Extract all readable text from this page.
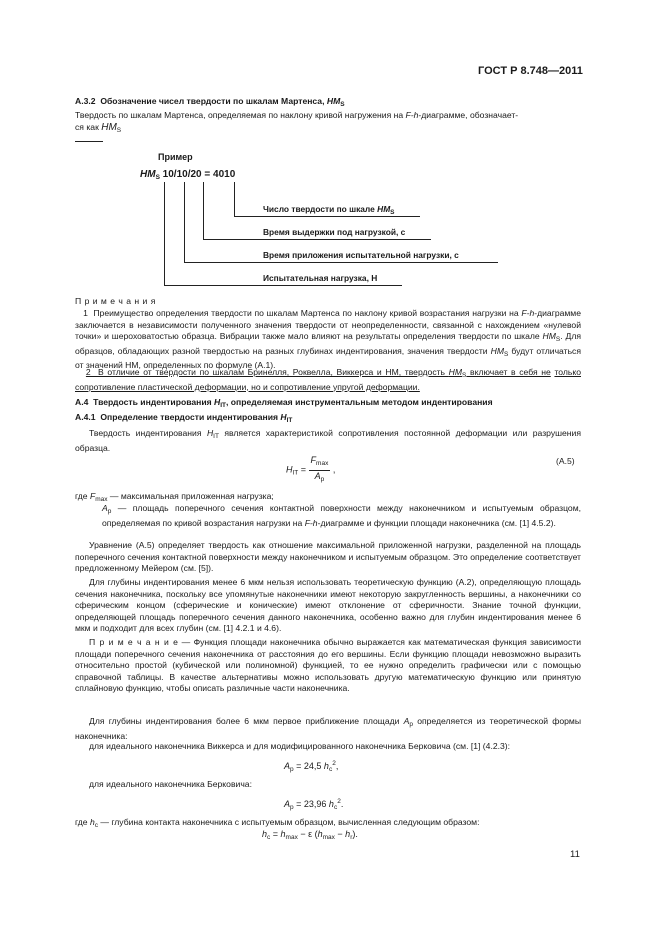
ГОСТ Р 8.748—2011
А.3.2  Обозначение чисел твердости по шкалам Мартенса, $HM_S$
Твердость по шкалам Мартенса, определяемая по наклону кривой нагружения на F-h-диаграмме, обозначает-
ся как $HM_S$
Пример
$HM_S$ 10/10/20 = 4010
Число твердости по шкале $HM_S$
Время выдержки под нагрузкой, с
Время приложения испытательной нагрузки, с
Испытательная нагрузка, Н
П р и м е ч а н и я
1  Преимущество определения твердости по шкалам Мартенса по наклону кривой возрастания нагрузки на F-h-диаграмме заключается в независимости полученного значения твердости от неопределенности, связанной с нахождением «нулевой точки» и шероховатостью образца. Вибрации также мало влияют на результаты определения твердости по шкале $HM_S$. Для образцов, обладающих разной твердостью на разных глубинах индентирования, значения твердости $HM_S$ будут отличаться от значений НМ, определенных по формуле (А.1).
2  В отличие от твердости по шкалам Бринелля, Роквелла, Виккерса и НМ, твердость $HM_S$ включает в себя не только сопротивление пластической деформации, но и сопротивление упругой деформации.
А.4  Твердость индентирования $H_{IT}$, определяемая инструментальным методом индентирования
А.4.1  Определение твердости индентирования $H_{IT}$
Твердость индентирования $H_{IT}$ является характеристикой сопротивления постоянной деформации или разрушения образца.
$H_{IT} = \frac{F_{max}}{A_p}$ ,
(А.5)
где $F_{max}$ — максимальная приложенная нагрузка;
$A_p$ — площадь поперечного сечения контактной поверхности между наконечником и испытуемым образцом, определяемая по кривой возрастания нагрузки на F-h-диаграмме и функции площади наконечника (см. [1] 4.5.2).
Уравнение (А.5) определяет твердость как отношение максимальной приложенной нагрузки, разделенной на площадь поперечного сечения контактной поверхности между наконечником и испытуемым образцом. Это определение соответствует предложенному Мейером (см. [5]).
Для глубины индентирования менее 6 мкм нельзя использовать теоретическую функцию (А.2), определяющую площадь сечения наконечника, поскольку все упомянутые наконечники имеют некоторую закругленность вершины, а наконечники со сферическим концом (сферические и конические) имеют отклонение от сферичности. Знание точной функции, определяющей площадь поперечного сечения данного наконечника, особенно важно для глубин индентирования менее 6 мкм и подходит для всех глубин (см. [1] 4.2.1 и 4.6).
П р и м е ч а н и е — Функция площади наконечника обычно выражается как математическая функция зависимости площади поперечного сечения наконечника от расстояния до его вершины. Если функцию площади невозможно выразить относительно простой (кубической или полиномной) функцией, то ее нужно определить графически или с помощью справочной таблицы. В качестве альтернативы можно использовать другую математическую функцию или принятую сплайновую функцию, чтобы описать различные части наконечника.
Для глубины индентирования более 6 мкм первое приближение площади $A_p$ определяется из теоретической формы наконечника:
для идеального наконечника Виккерса и для модифицированного наконечника Берковича (см. [1] (4.2.3):
$A_p = 24,5$ $h_c^2$,
для идеального наконечника Берковича:
$A_p = 23,96$ $h_c^2$.
где $h_c$ — глубина контакта наконечника с испытуемым образцом, вычисленная следующим образом:
$h_c = h_{max} - \varepsilon$ $(h_{max} - h_r)$.
11
